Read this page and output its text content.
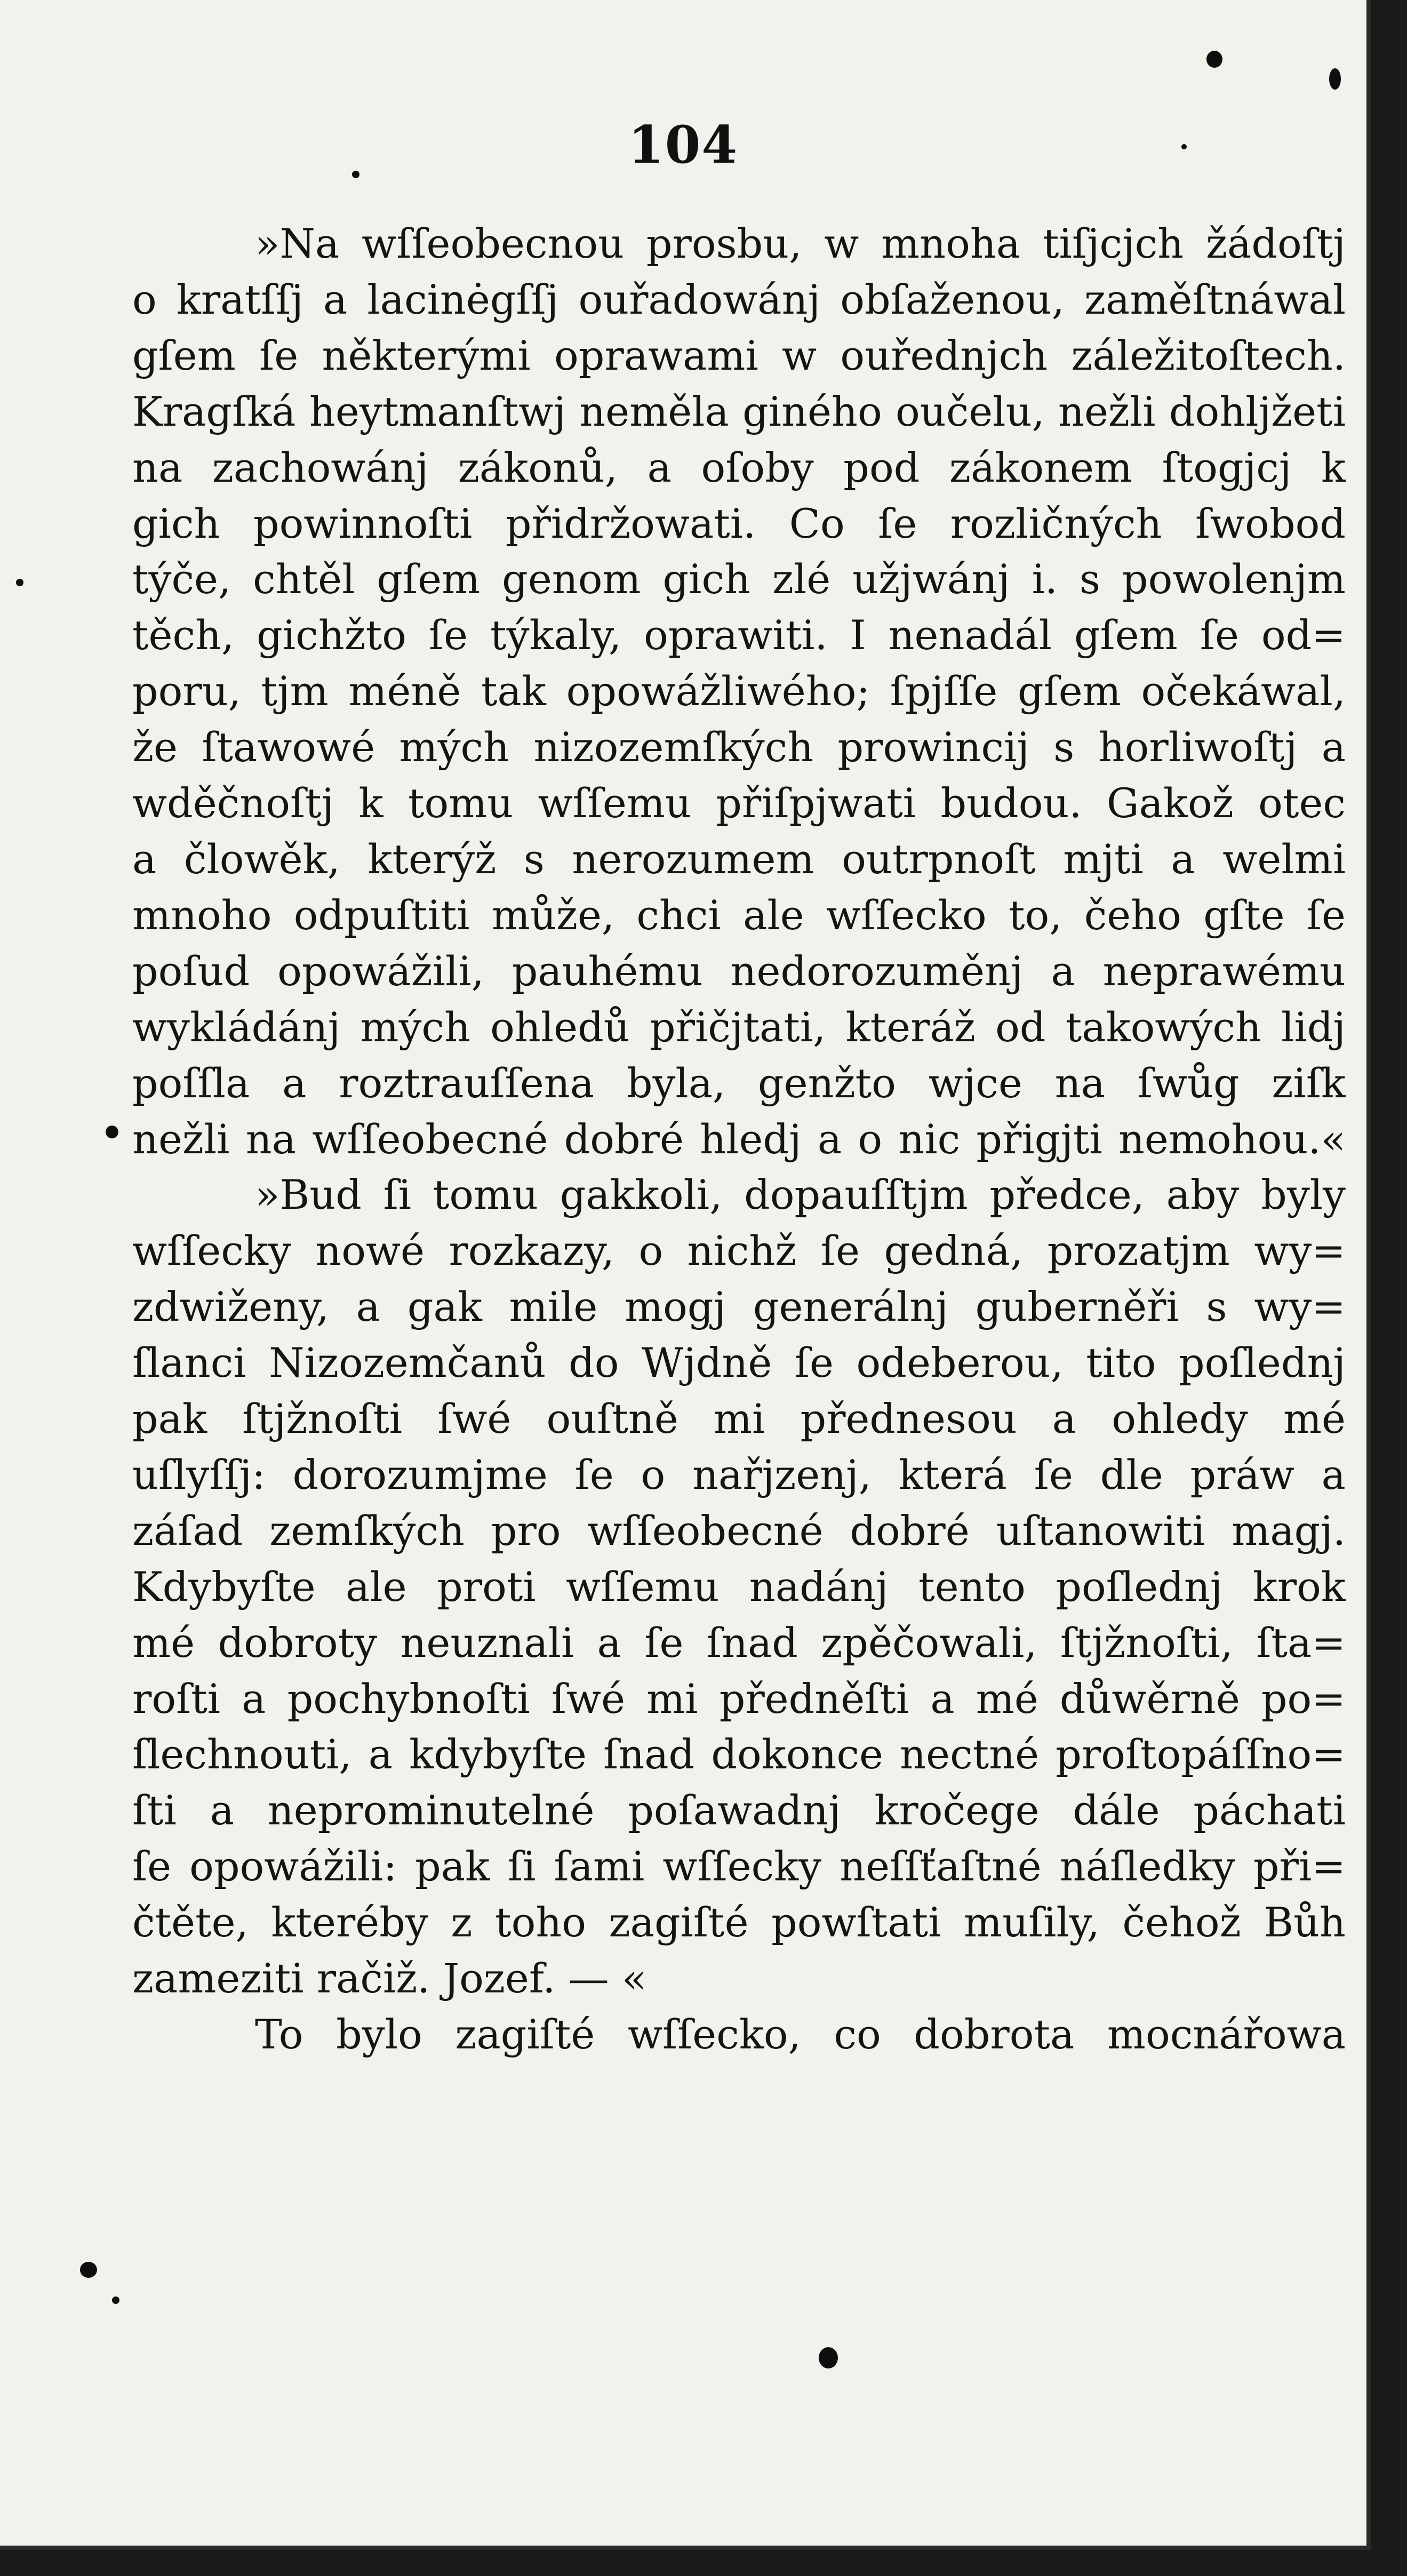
104
»Na wſſeobecnou prosbu, w mnoha tiſjcjch žádoſtj
o kratſſj a lacinėgſſj ouřadowánj obſaženou, zaměſtnáwal
gſem ſe některými oprawami w ouřednjch záležitoſtech.
Kragſká heytmanſtwj neměla giného oučelu, nežli dohljžeti
na zachowánj zákonů, a oſoby pod zákonem ſtogjcj k
gich powinnoſti přidržowati. Co ſe rozličných ſwobod
týče, chtěl gſem genom gich zlé užjwánj i. s powolenjm
těch, gichžto ſe týkaly, oprawiti. I nenadál gſem ſe od=
poru, tjm méně tak opowážliwého; ſpjſſe gſem očekáwal,
že ſtawowé mých nizozemſkých prowincij s horliwoſtj a
wděčnoſtj k tomu wſſemu přiſpjwati budou. Gakož otec
a člowěk, kterýž s nerozumem outrpnoſt mjti a welmi
mnoho odpuſtiti může, chci ale wſſecko to, čeho gſte ſe
poſud opowážili, pauhému nedorozuměnj a neprawému
wykládánj mých ohledů přičjtati, kteráž od takowých lidj
poſſla a roztrauſſena byla, genžto wjce na ſwůg ziſk
nežli na wſſeobecné dobré hledj a o nic přigjti nemohou.«
»Bud ſi tomu gakkoli, dopauſſtjm předce, aby byly
wſſecky nowé rozkazy, o nichž ſe gedná, prozatjm wy=
zdwiženy, a gak mile mogj generálnj guberněři s wy=
ſlanci Nizozemčanů do Wjdně ſe odeberou, tito poſlednj
pak ſtjžnoſti ſwé ouſtně mi přednesou a ohledy mé
uſlyſſj: dorozumjme ſe o nařjzenj, která ſe dle práw a
záſad zemſkých pro wſſeobecné dobré uſtanowiti magj.
Kdybyſte ale proti wſſemu nadánj tento poſlednj krok
mé dobroty neuznali a ſe ſnad zpěčowali, ſtjžnoſti, ſta=
roſti a pochybnoſti ſwé mi předněſti a mé důwěrně po=
ſlechnouti, a kdybyſte ſnad dokonce nectné proſtopáſſno=
ſti a neprominutelné poſawadnj kročege dále páchati
ſe opowážili: pak ſi ſami wſſecky neſſťaſtné náſledky při=
čtěte, kteréby z toho zagiſté powſtati muſily, čehož Bůh
zameziti račiž. Jozef. — «
To bylo zagiſté wſſecko, co dobrota mocnářowa
